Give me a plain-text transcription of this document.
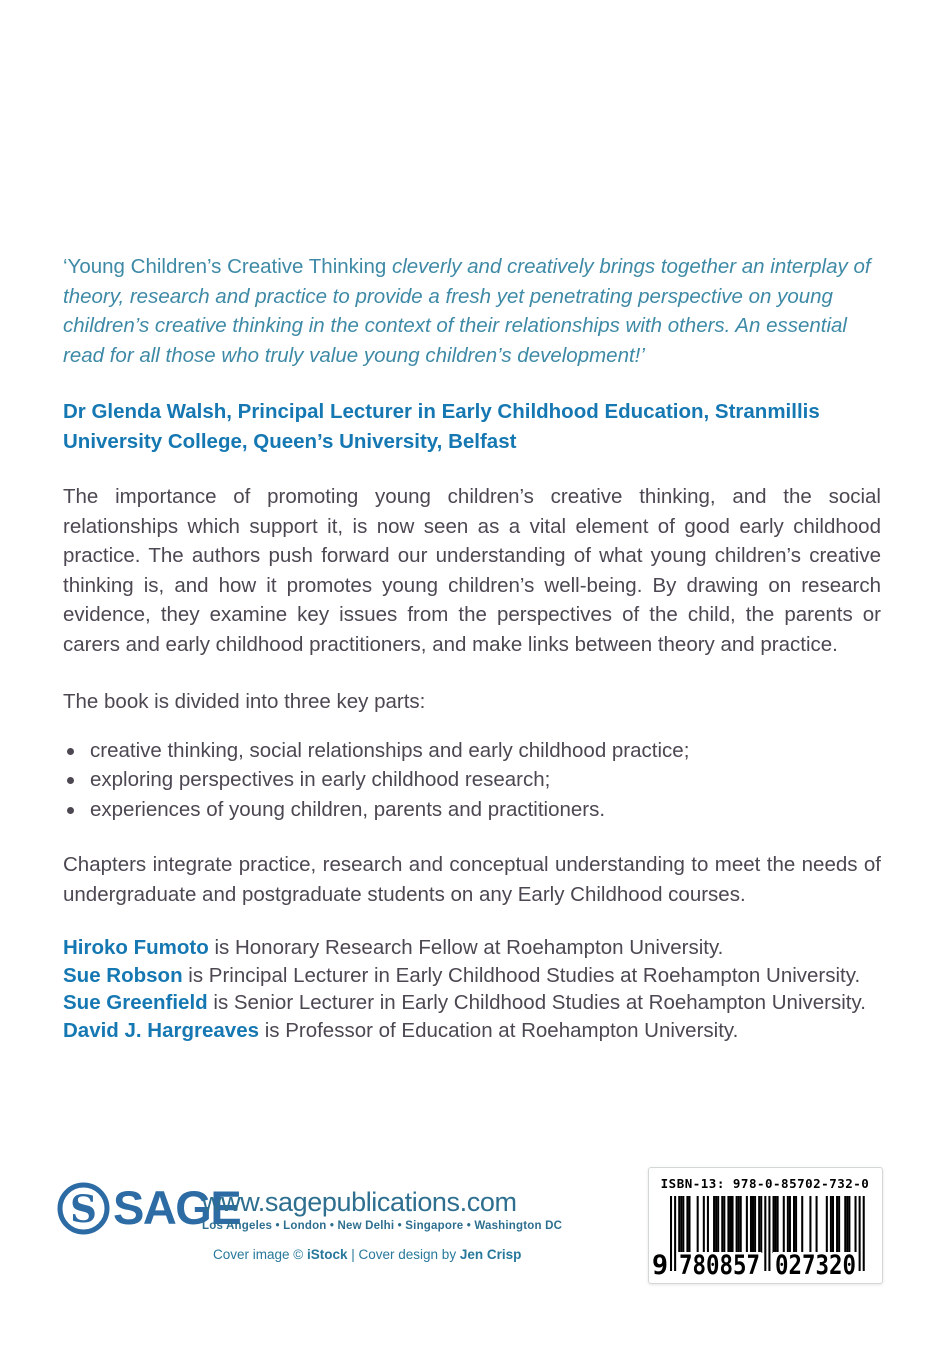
‘Young Children’s Creative Thinking cleverly and creatively brings together an interplay of theory, research and practice to provide a fresh yet penetrating perspective on young children’s creative thinking in the context of their relationships with others. An essential read for all those who truly value young children’s development!’

Dr Glenda Walsh, Principal Lecturer in Early Childhood Education, Stranmillis University College, Queen’s University, Belfast

The importance of promoting young children’s creative thinking, and the social relationships which support it, is now seen as a vital element of good early childhood practice. The authors push forward our understanding of what young children’s creative thinking is, and how it promotes young children’s well-being. By drawing on research evidence, they examine key issues from the perspectives of the child, the parents or carers and early childhood practitioners, and make links between theory and practice.

The book is divided into three key parts:

creative thinking, social relationships and early childhood practice;
exploring perspectives in early childhood research;
experiences of young children, parents and practitioners.

Chapters integrate practice, research and conceptual understanding to meet the needs of undergraduate and postgraduate students on any Early Childhood courses.

Hiroko Fumoto is Honorary Research Fellow at Roehampton University.
Sue Robson is Principal Lecturer in Early Childhood Studies at Roehampton University.
Sue Greenfield is Senior Lecturer in Early Childhood Studies at Roehampton University.
David J. Hargreaves is Professor of Education at Roehampton University.
S SAGE
www.sagepublications.com
Los Angeles • London • New Delhi • Singapore • Washington DC
Cover image © iStock | Cover design by Jen Crisp
ISBN-13: 978-0-85702-732-0
9 780857 027320
